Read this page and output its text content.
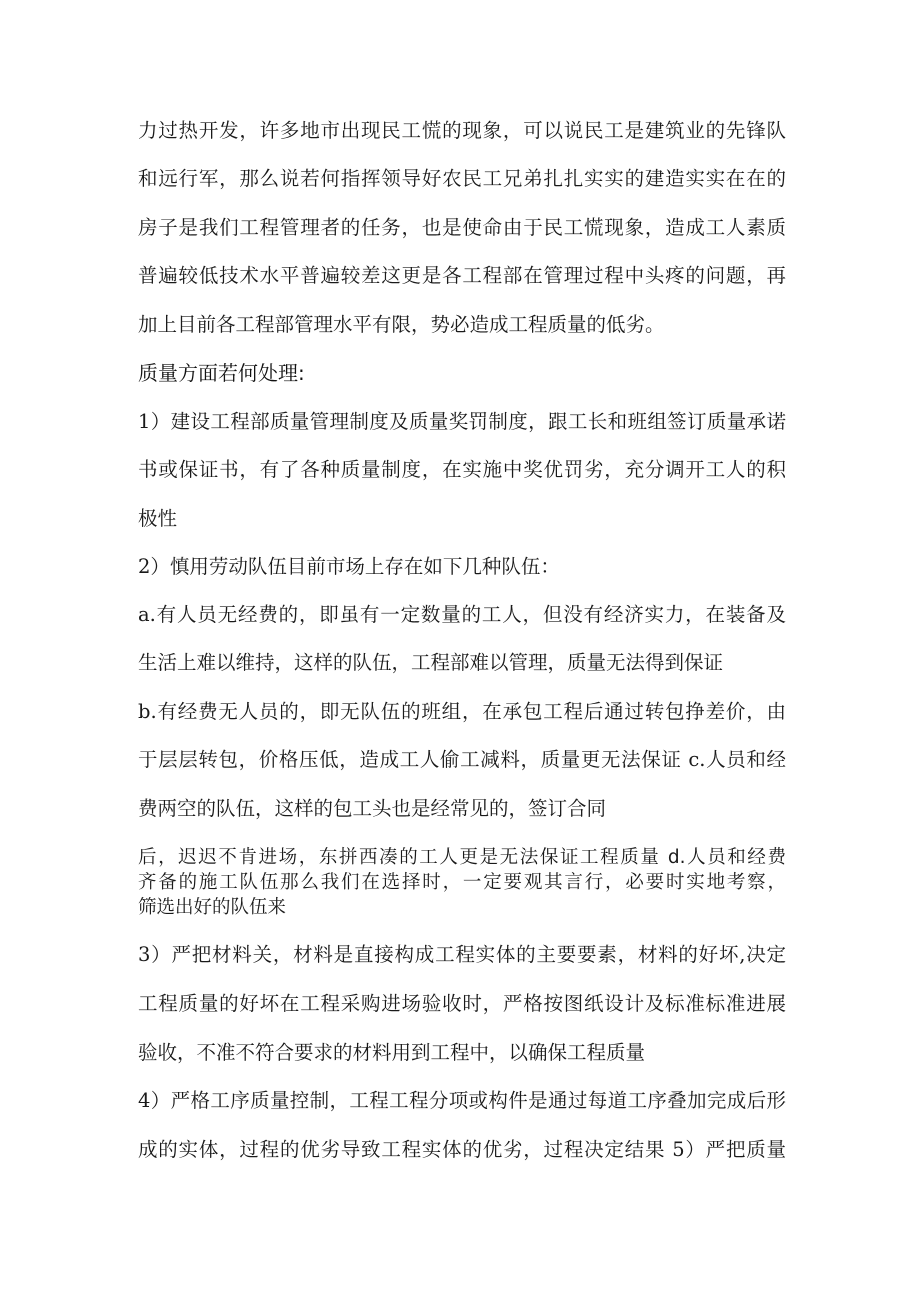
力过热开发，许多地市出现民工慌的现象，可以说民工是建筑业的先锋队

和远行军，那么说若何指挥领导好农民工兄弟扎扎实实的建造实实在在的

房子是我们工程管理者的任务，也是使命由于民工慌现象，造成工人素质

普遍较低技术水平普遍较差这更是各工程部在管理过程中头疼的问题，再

加上目前各工程部管理水平有限，势必造成工程质量的低劣。

质量方面若何处理:

1）建设工程部质量管理制度及质量奖罚制度，跟工长和班组签订质量承诺

书或保证书，有了各种质量制度，在实施中奖优罚劣，充分调开工人的积

极性

2）慎用劳动队伍目前市场上存在如下几种队伍：

a.有人员无经费的，即虽有一定数量的工人，但没有经济实力，在装备及

生活上难以维持，这样的队伍，工程部难以管理，质量无法得到保证

b.有经费无人员的，即无队伍的班组，在承包工程后通过转包挣差价，由

于层层转包，价格压低，造成工人偷工减料，质量更无法保证 c.人员和经

费两空的队伍，这样的包工头也是经常见的，签订合同

后，迟迟不肯进场，东拼西凑的工人更是无法保证工程质量 d.人员和经费

齐备的施工队伍那么我们在选择时，一定要观其言行，必要时实地考察，

筛选出好的队伍来

3）严把材料关，材料是直接构成工程实体的主要要素，材料的好坏,决定

工程质量的好坏在工程采购进场验收时，严格按图纸设计及标准标准进展

验收，不准不符合要求的材料用到工程中，以确保工程质量

4）严格工序质量控制，工程工程分项或构件是通过每道工序叠加完成后形

成的实体，过程的优劣导致工程实体的优劣，过程决定结果 5）严把质量
